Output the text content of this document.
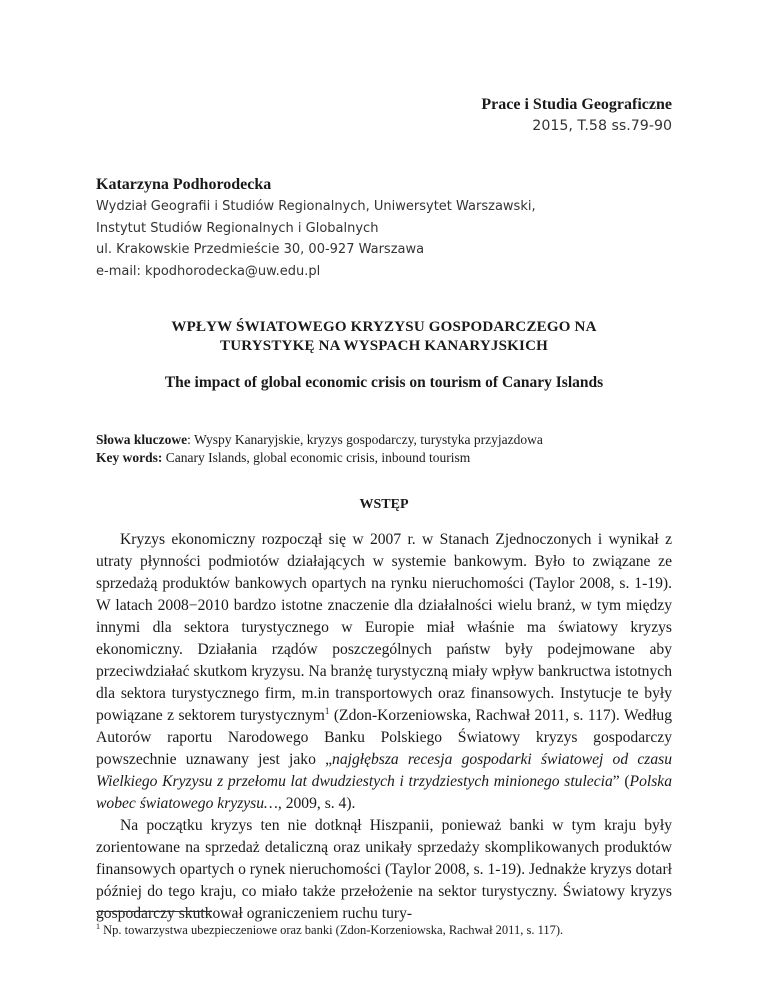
Prace i Studia Geograficzne
2015, T.58 ss.79-90
Katarzyna Podhorodecka
Wydział Geografii i Studiów Regionalnych, Uniwersytet Warszawski,
Instytut Studiów Regionalnych i Globalnych
ul. Krakowskie Przedmieście 30, 00-927 Warszawa
e-mail: kpodhorodecka@uw.edu.pl
WPŁYW ŚWIATOWEGO KRYZYSU GOSPODARCZEGO NA
TURYSTYKĘ NA WYSPACH KANARYJSKICH
The impact of global economic crisis on tourism of Canary Islands
Słowa kluczowe: Wyspy Kanaryjskie, kryzys gospodarczy, turystyka przyjazdowa
Key words: Canary Islands, global economic crisis, inbound tourism
WSTĘP

Kryzys ekonomiczny rozpoczął się w 2007 r. w Stanach Zjednoczonych i wynikał z utraty płynności podmiotów działających w systemie bankowym. Było to związane ze sprzedażą produktów bankowych opartych na rynku nieruchomości (Taylor 2008, s. 1-19). W latach 2008−2010 bardzo istotne znaczenie dla działalności wielu branż, w tym między innymi dla sektora turystycznego w Europie miał właśnie ma światowy kryzys ekonomiczny. Działania rządów poszczególnych państw były podejmowane aby przeciwdziałać skutkom kryzysu. Na branżę turystyczną miały wpływ bankructwa istotnych dla sektora turystycznego firm, m.in transportowych oraz finansowych. Instytucje te były powiązane z sektorem turystycznym$^1$ (Zdon-Korzeniowska, Rachwał 2011, s. 117). Według Autorów raportu Narodowego Banku Polskiego Światowy kryzys gospodarczy powszechnie uznawany jest jako „najgłębsza recesja gospodarki światowej od czasu Wielkiego Kryzysu z przełomu lat dwudziestych i trzydziestych minionego stulecia” (Polska wobec światowego kryzysu…, 2009, s. 4).

Na początku kryzys ten nie dotknął Hiszpanii, ponieważ banki w tym kraju były zorientowane na sprzedaż detaliczną oraz unikały sprzedaży skomplikowanych produktów finansowych opartych o rynek nieruchomości (Taylor 2008, s. 1-19). Jednakże kryzys dotarł później do tego kraju, co miało także przełożenie na sektor turystyczny. Światowy kryzys gospodarczy skutkował ograniczeniem ruchu tury-

$^1$ Np. towarzystwa ubezpieczeniowe oraz banki (Zdon-Korzeniowska, Rachwał 2011, s. 117).
